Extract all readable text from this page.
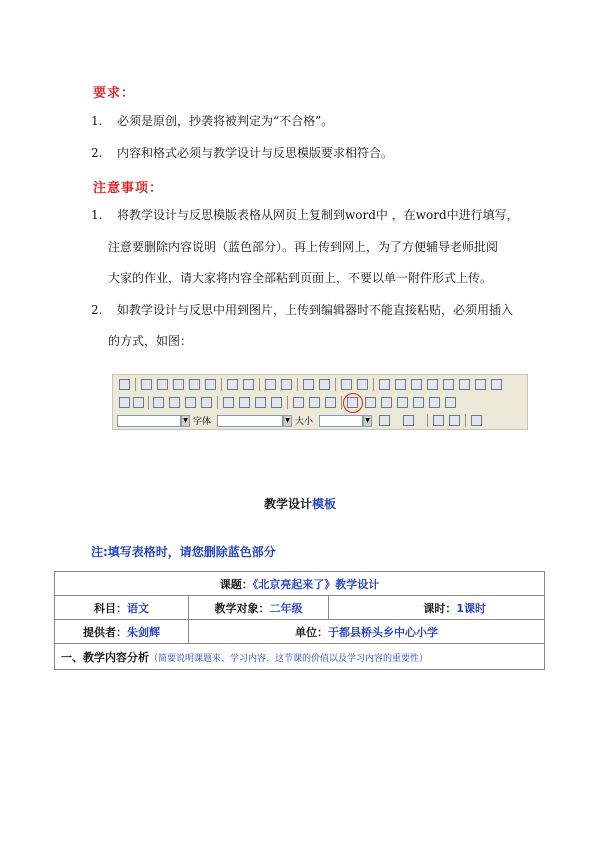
要求：
1. 必须是原创，抄袭将被判定为“不合格”。
2. 内容和格式必须与教学设计与反思模版要求相符合。
注意事项：
1. 将教学设计与反思模版表格从网页上复制到word中 ，在word中进行填写，
注意要删除内容说明（蓝色部分）。再上传到网上，为了方便辅导老师批阅
大家的作业，请大家将内容全部粘到页面上，不要以单一附件形式上传。
2. 如教学设计与反思中用到图片，上传到编辑器时不能直接粘贴，必须用插入
的方式，如图：
▼ 字体	▼ 大小	▼
教学设计模板
注:填写表格时，请您删除蓝色部分
课题：《北京亮起来了》教学设计		
科目：语文	教学对象：二年级	课时：1课时
提供者：朱剑辉	单位：于都县桥头乡中心小学	
一、教学内容分析（简要说明课题来、学习内容、这节课的价值以及学习内容的重要性）		
